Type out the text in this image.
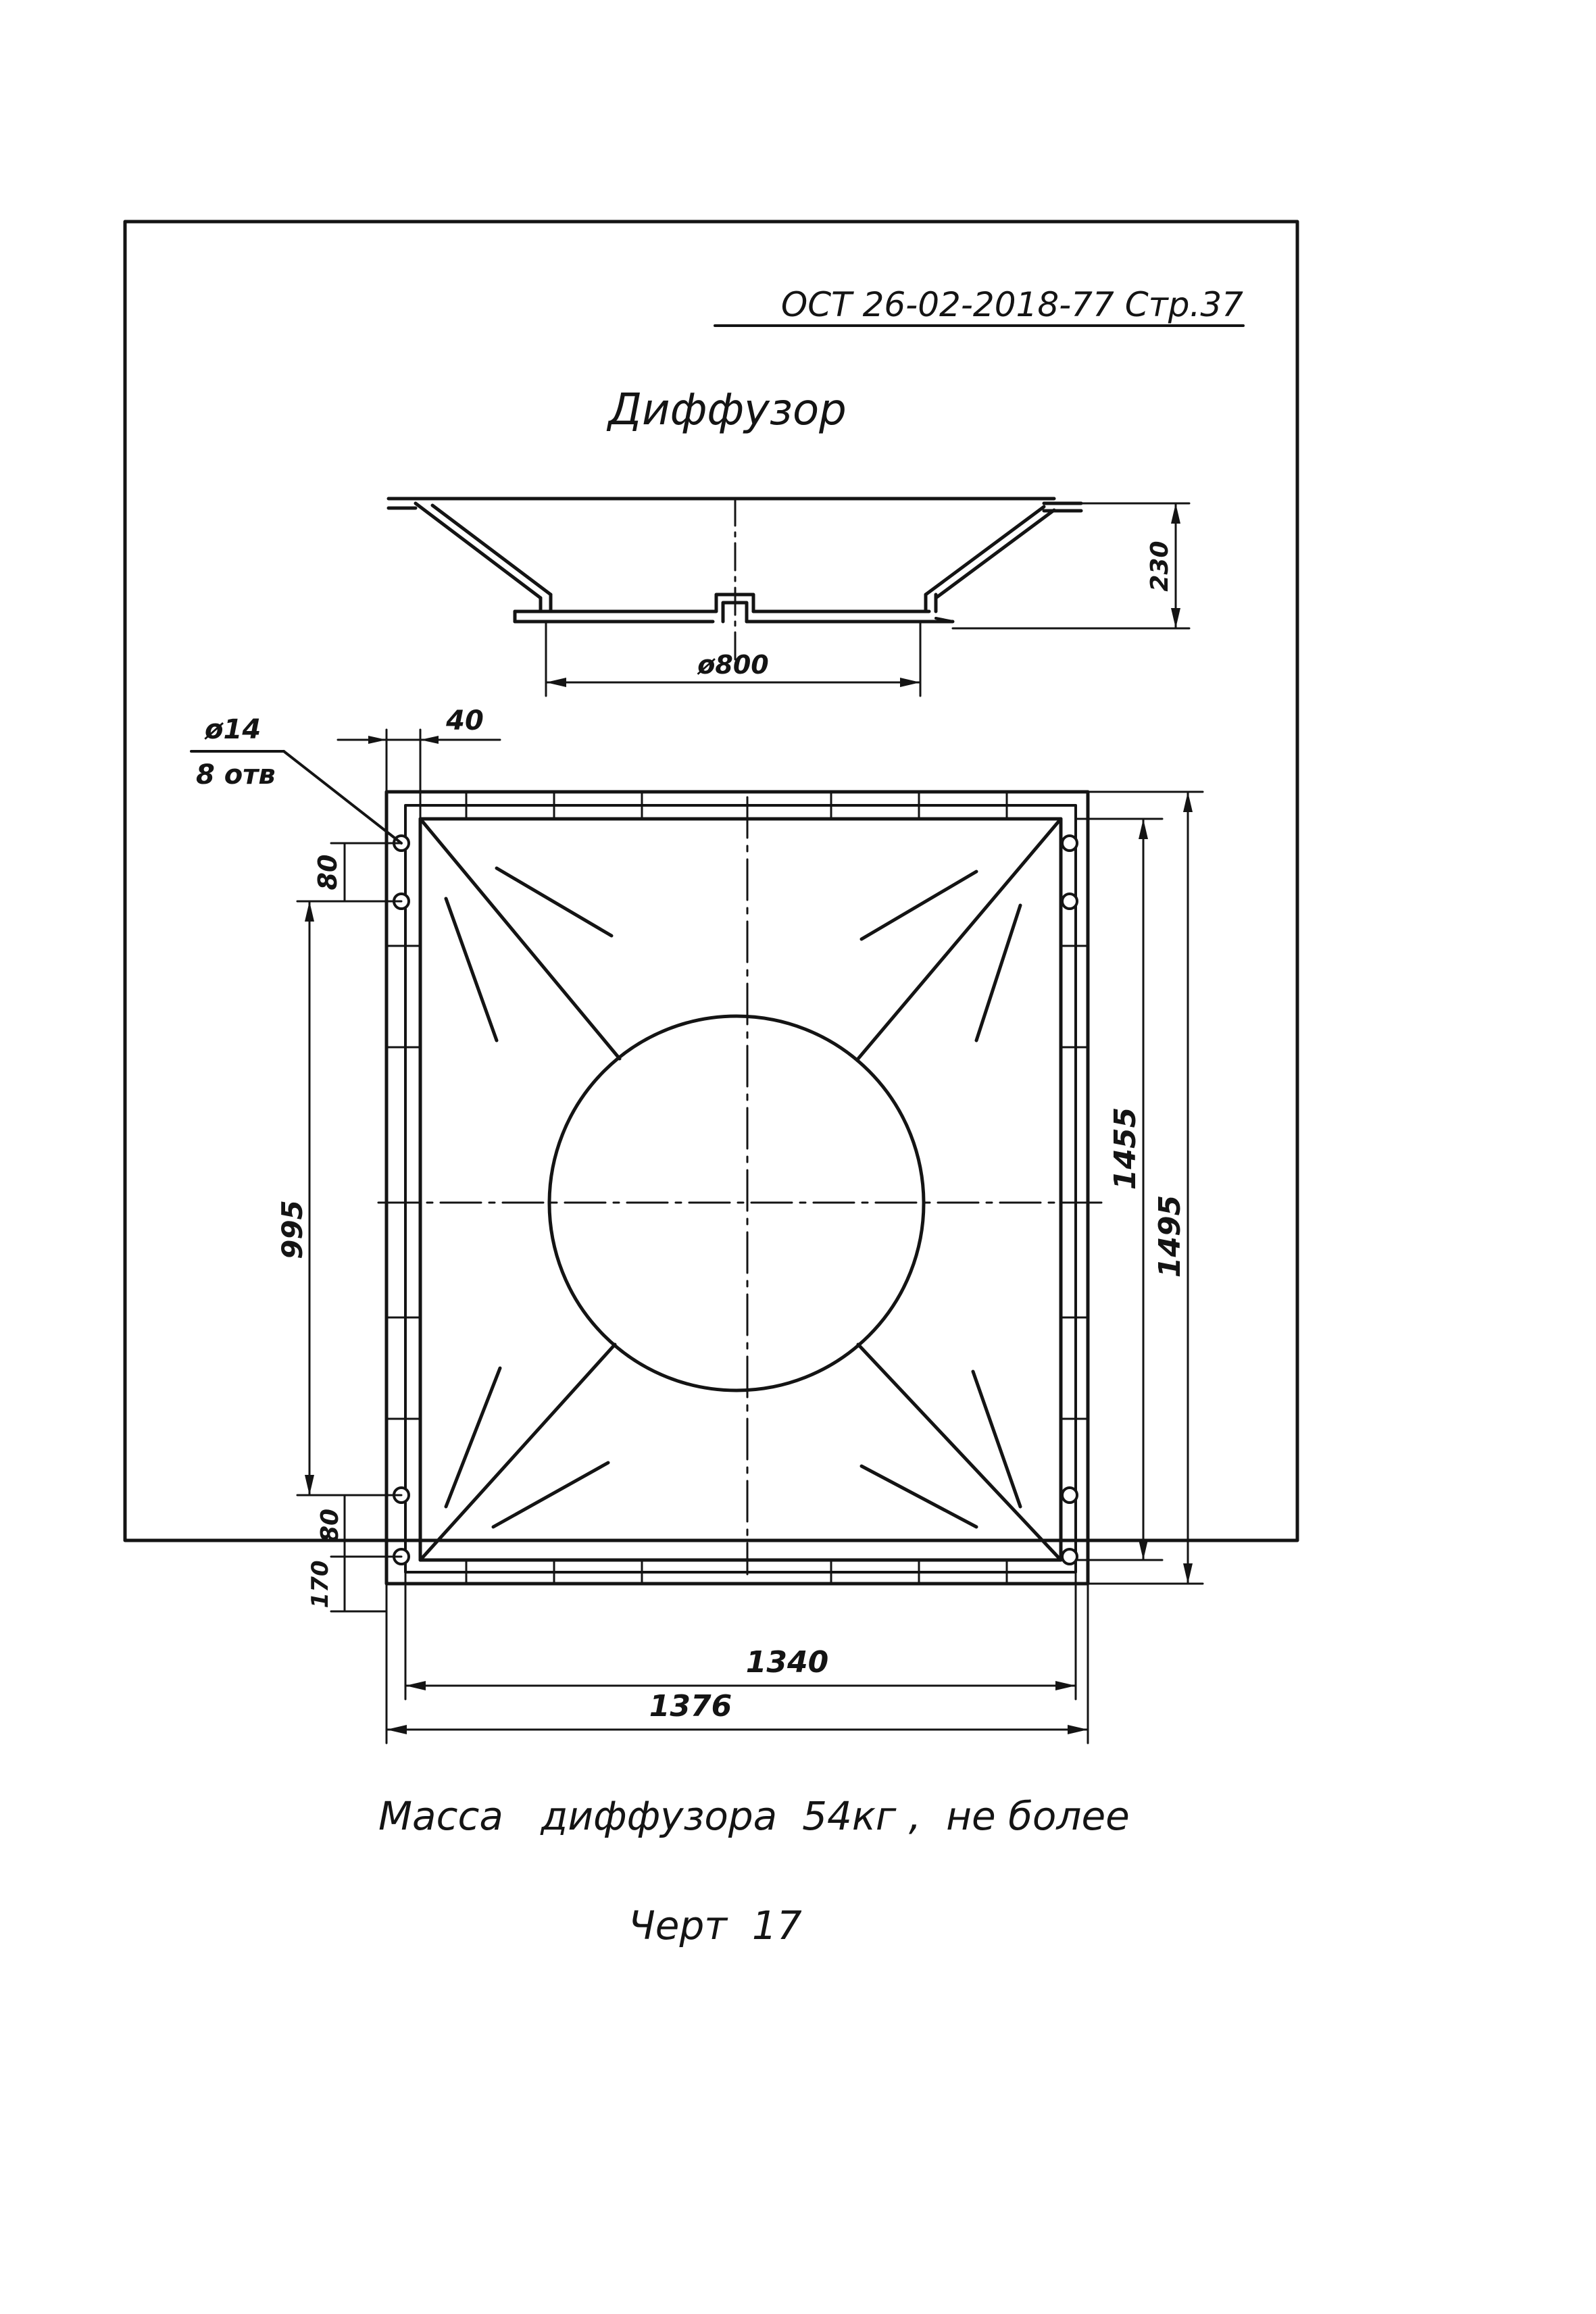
ОСТ 26-02-2018-77 Стр.37
Диффузор
230
ø800
ø14
8 отв
40
80
995
80
170
1455
1495
1340
1376
Масса   диффузора  54кг ,  не более
Черт  17
